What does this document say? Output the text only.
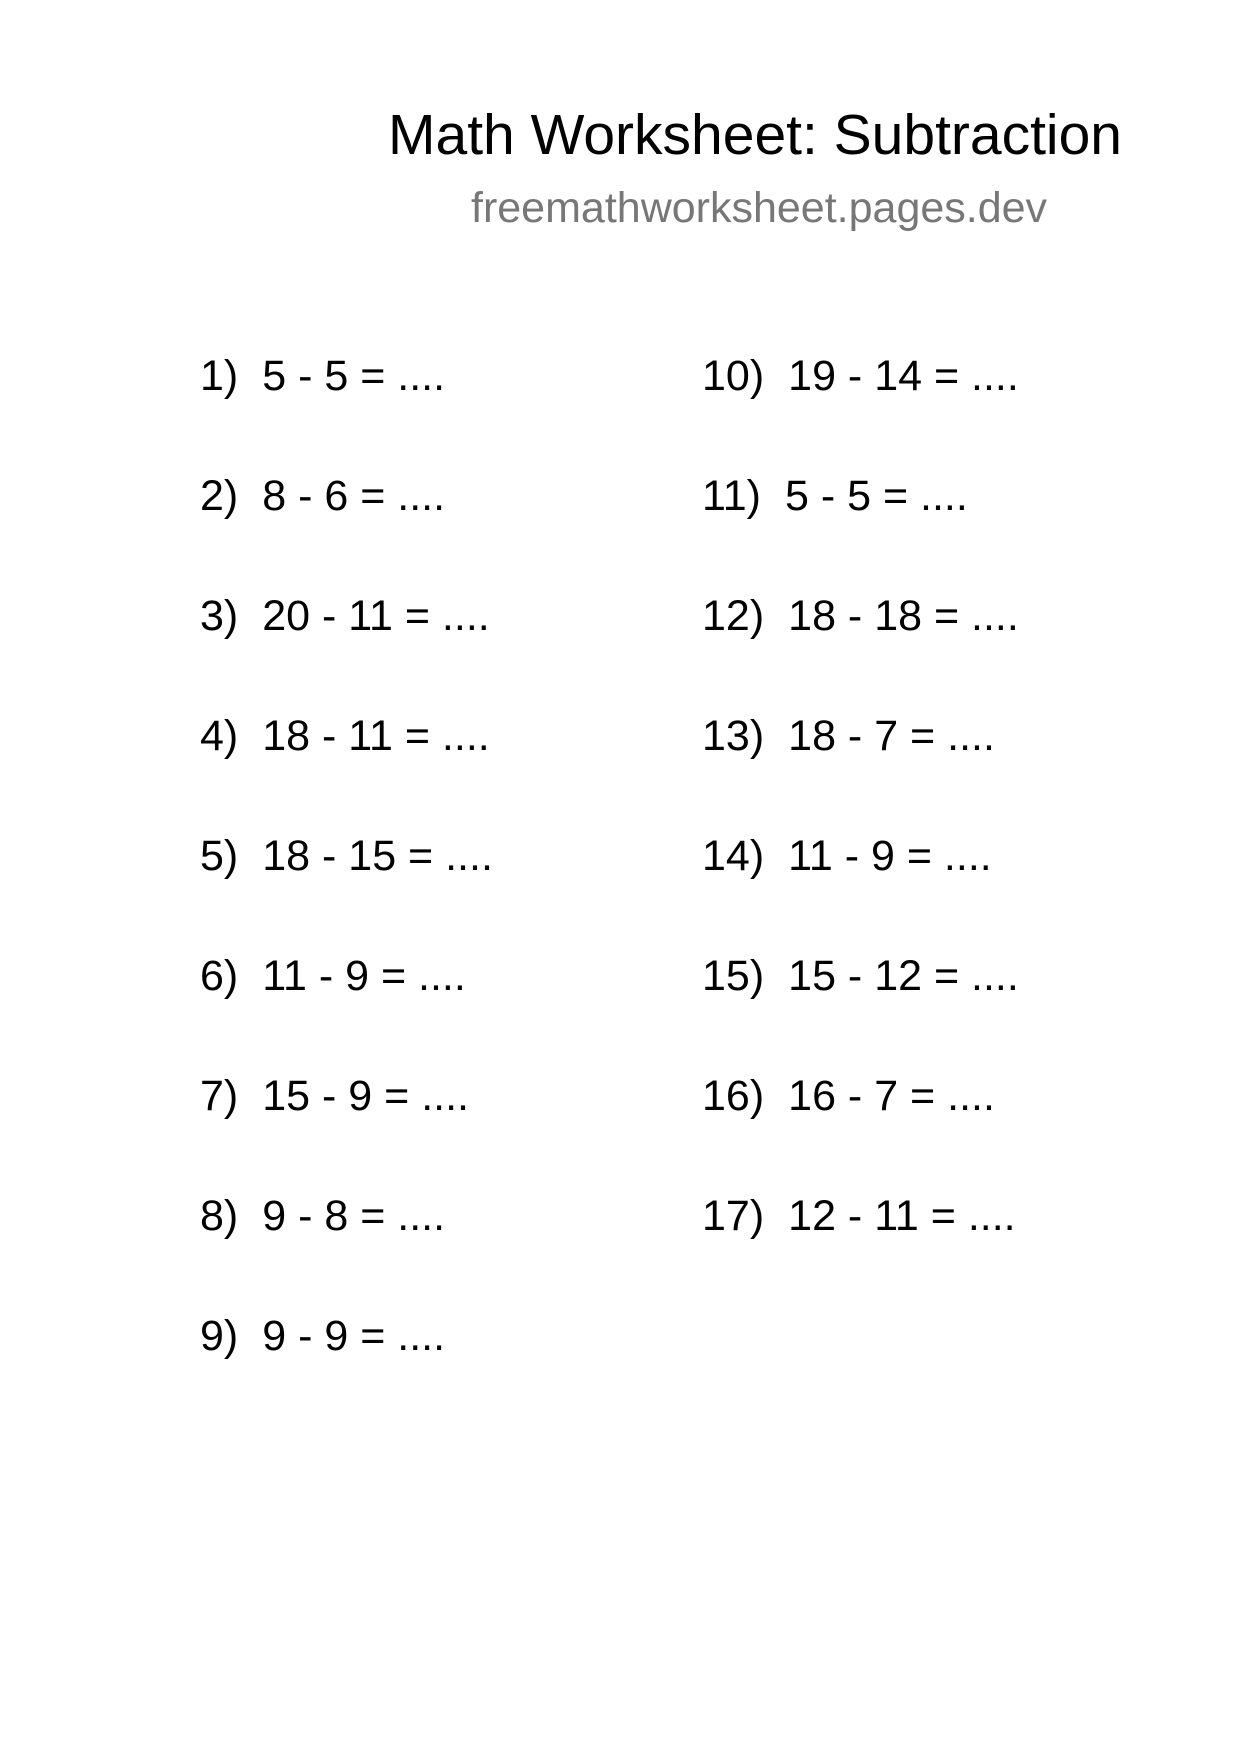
Math Worksheet: Subtraction
freemathworksheet.pages.dev
1) 5 - 5 = ....
2) 8 - 6 = ....
3) 20 - 11 = ....
4) 18 - 11 = ....
5) 18 - 15 = ....
6) 11 - 9 = ....
7) 15 - 9 = ....
8) 9 - 8 = ....
9) 9 - 9 = ....
10) 19 - 14 = ....
11) 5 - 5 = ....
12) 18 - 18 = ....
13) 18 - 7 = ....
14) 11 - 9 = ....
15) 15 - 12 = ....
16) 16 - 7 = ....
17) 12 - 11 = ....
